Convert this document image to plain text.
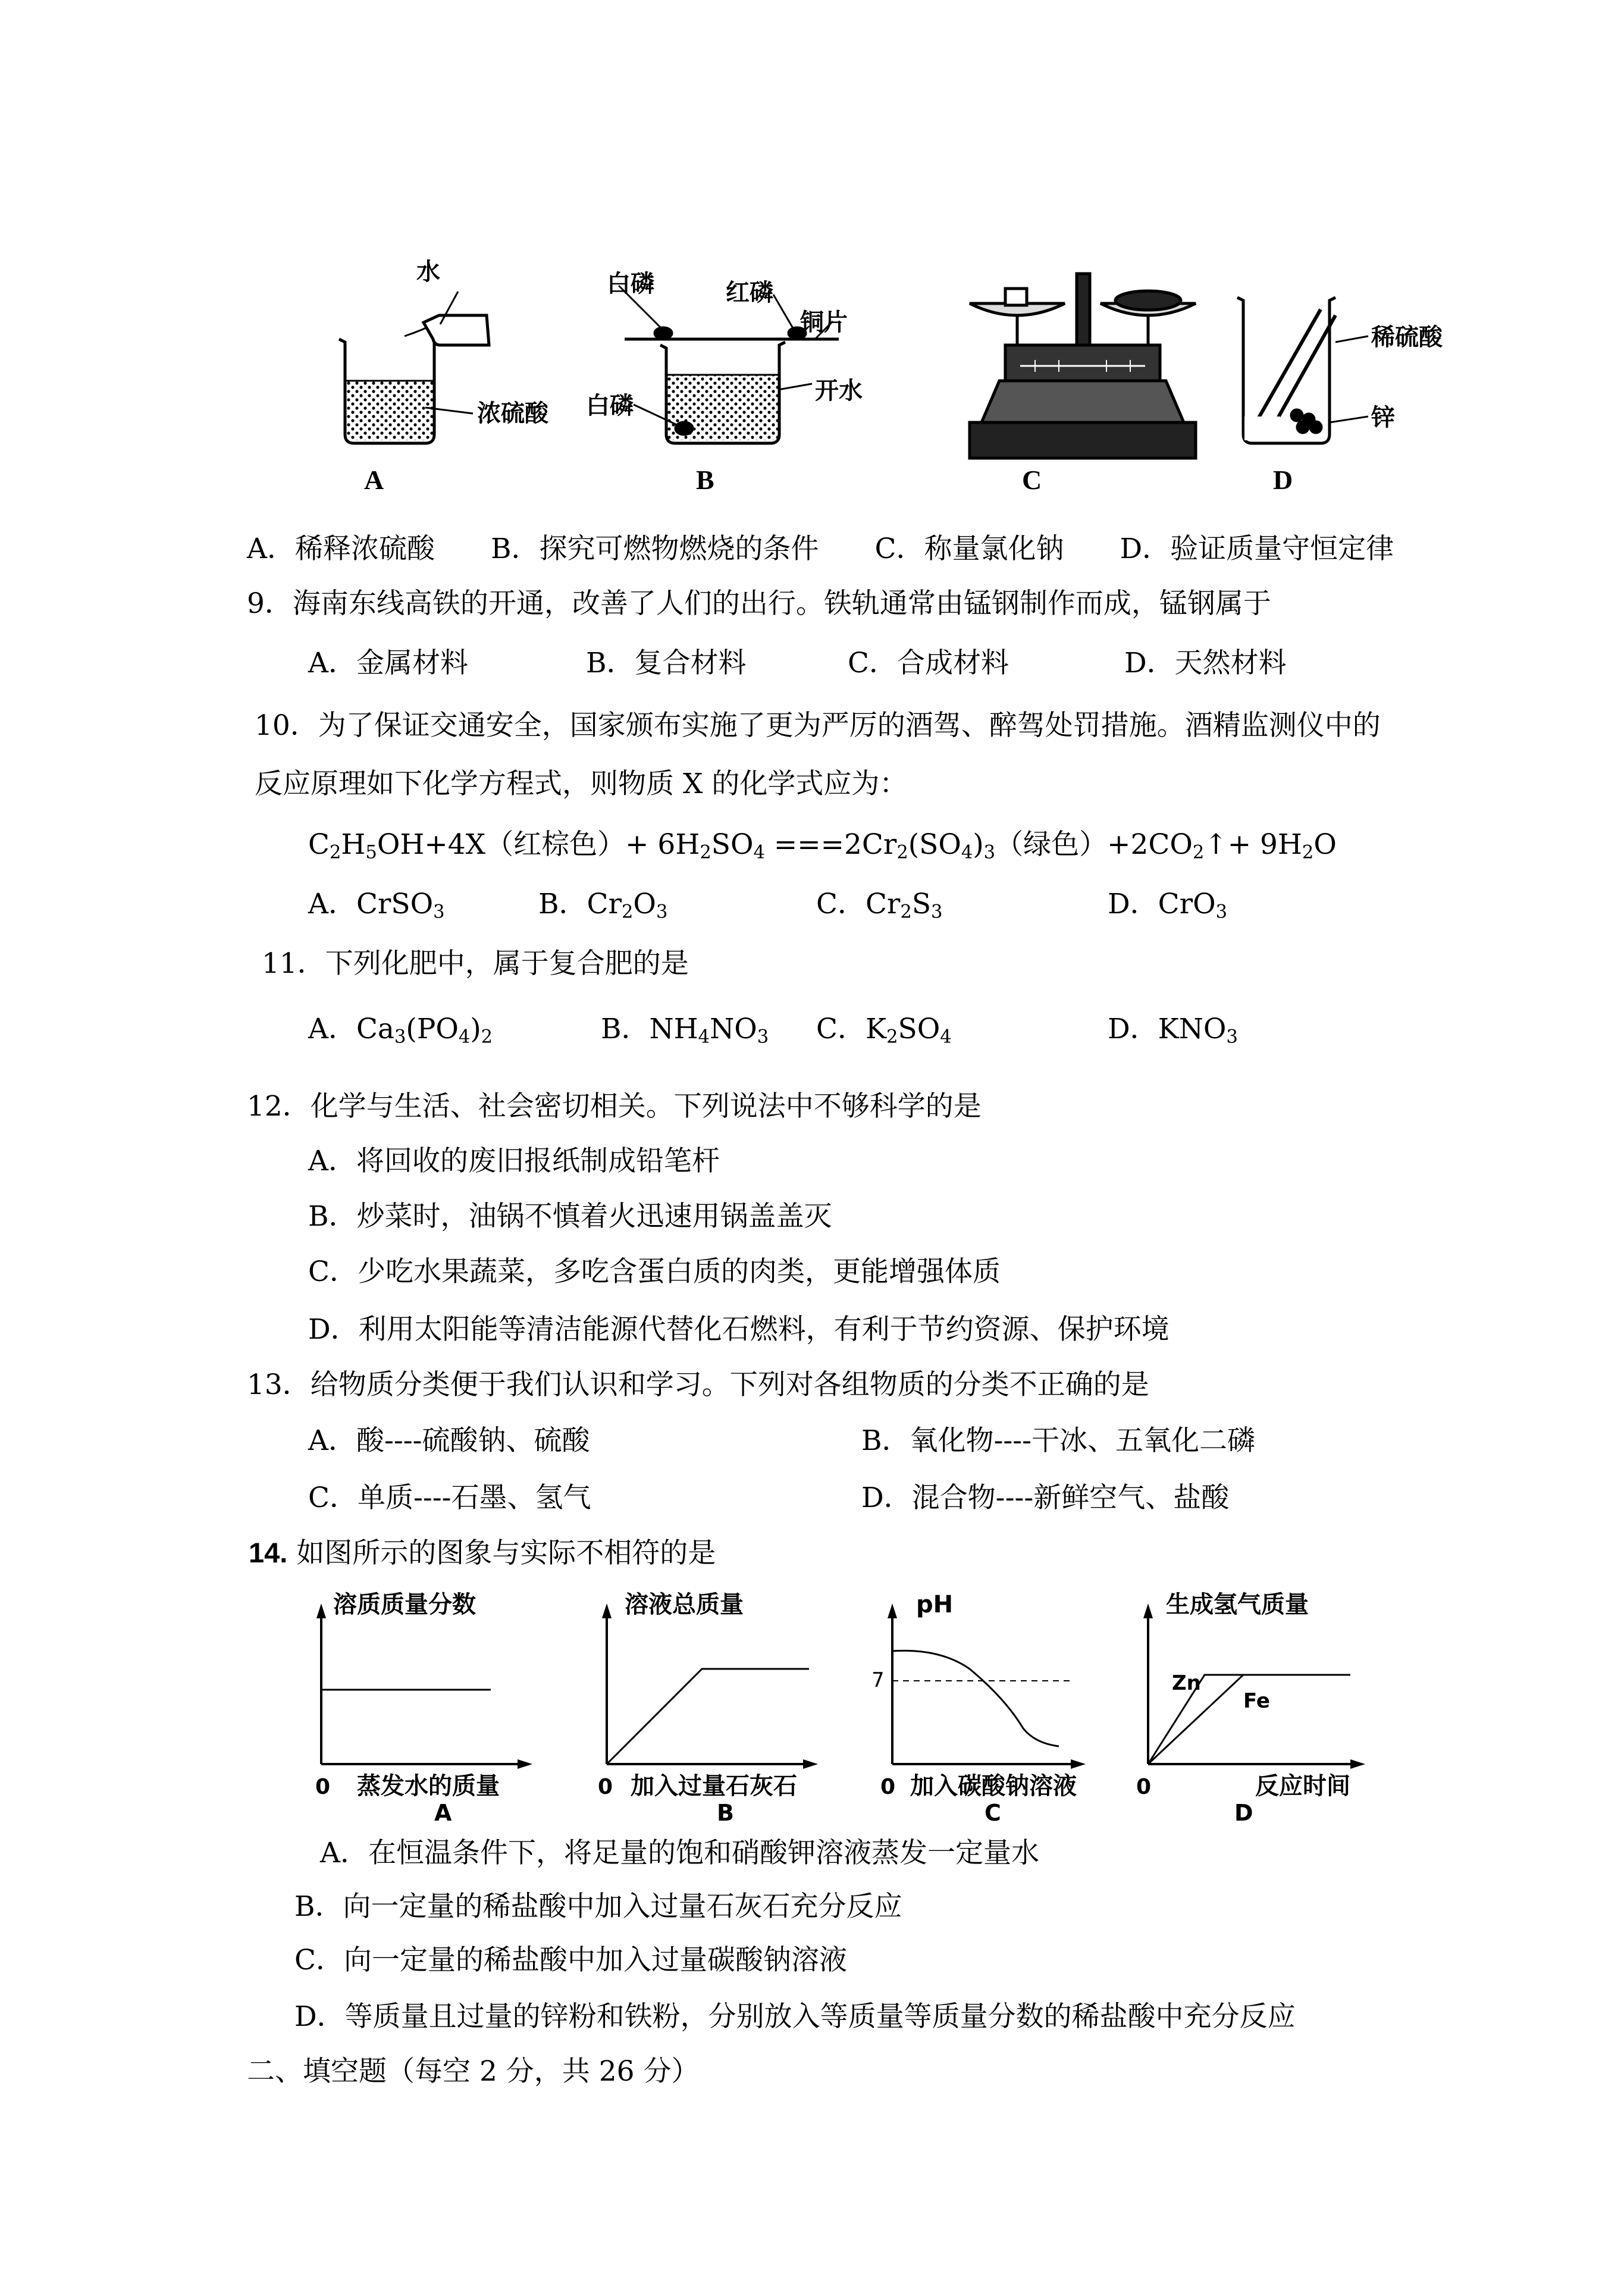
水
浓硫酸
白磷	红磷
铜片
白磷
开水
稀硫酸
锌
A	B	C	D
A．稀释浓硫酸　　B．探究可燃物燃烧的条件　　C．称量氯化钠　　D．验证质量守恒定律
9．海南东线高铁的开通，改善了人们的出行。铁轨通常由锰钢制作而成，锰钢属于
A．金属材料	B．复合材料	C．合成材料	D．天然材料
10．为了保证交通安全，国家颁布实施了更为严厉的酒驾、醉驾处罚措施。酒精监测仪中的
反应原理如下化学方程式，则物质 X 的化学式应为：
$C_2H_5OH+4X$（红棕色）+ $6H_2SO_4 ===2Cr_2(SO_4)_3$（绿色）$+2CO_2↑+ 9H_2O$
A．CrSO$_3$	B．$Cr_2O_3$	C．$Cr_2S_3$	D．CrO$_3$
11．下列化肥中，属于复合肥的是
A．$Ca_3(PO_4)_2$	B．$NH_4NO_3$ C．$K_2SO_4$	D．$KNO_3$
12．化学与生活、社会密切相关。下列说法中不够科学的是
A．将回收的废旧报纸制成铅笔杆
B．炒菜时，油锅不慎着火迅速用锅盖盖灭
C．少吃水果蔬菜，多吃含蛋白质的肉类，更能增强体质
D．利用太阳能等清洁能源代替化石燃料，有利于节约资源、保护环境
13．给物质分类便于我们认识和学习。下列对各组物质的分类不正确的是
A．酸----硫酸钠、硫酸	B．氧化物----干冰、五氧化二磷
C．单质----石墨、氢气	D．混合物----新鲜空气、盐酸
14. 如图所示的图象与实际不相符的是
溶质质量分数
0 蒸发水的质量
溶液总质量
0 加入过量石灰石
pH
7
0 加入碳酸钠溶液
生成氢气质量
Zn
Fe
0	反应时间
A	B	C	D
A．在恒温条件下，将足量的饱和硝酸钾溶液蒸发一定量水
B．向一定量的稀盐酸中加入过量石灰石充分反应
C．向一定量的稀盐酸中加入过量碳酸钠溶液
D．等质量且过量的锌粉和铁粉，分别放入等质量等质量分数的稀盐酸中充分反应
二、填空题（每空 2 分，共 26 分）
